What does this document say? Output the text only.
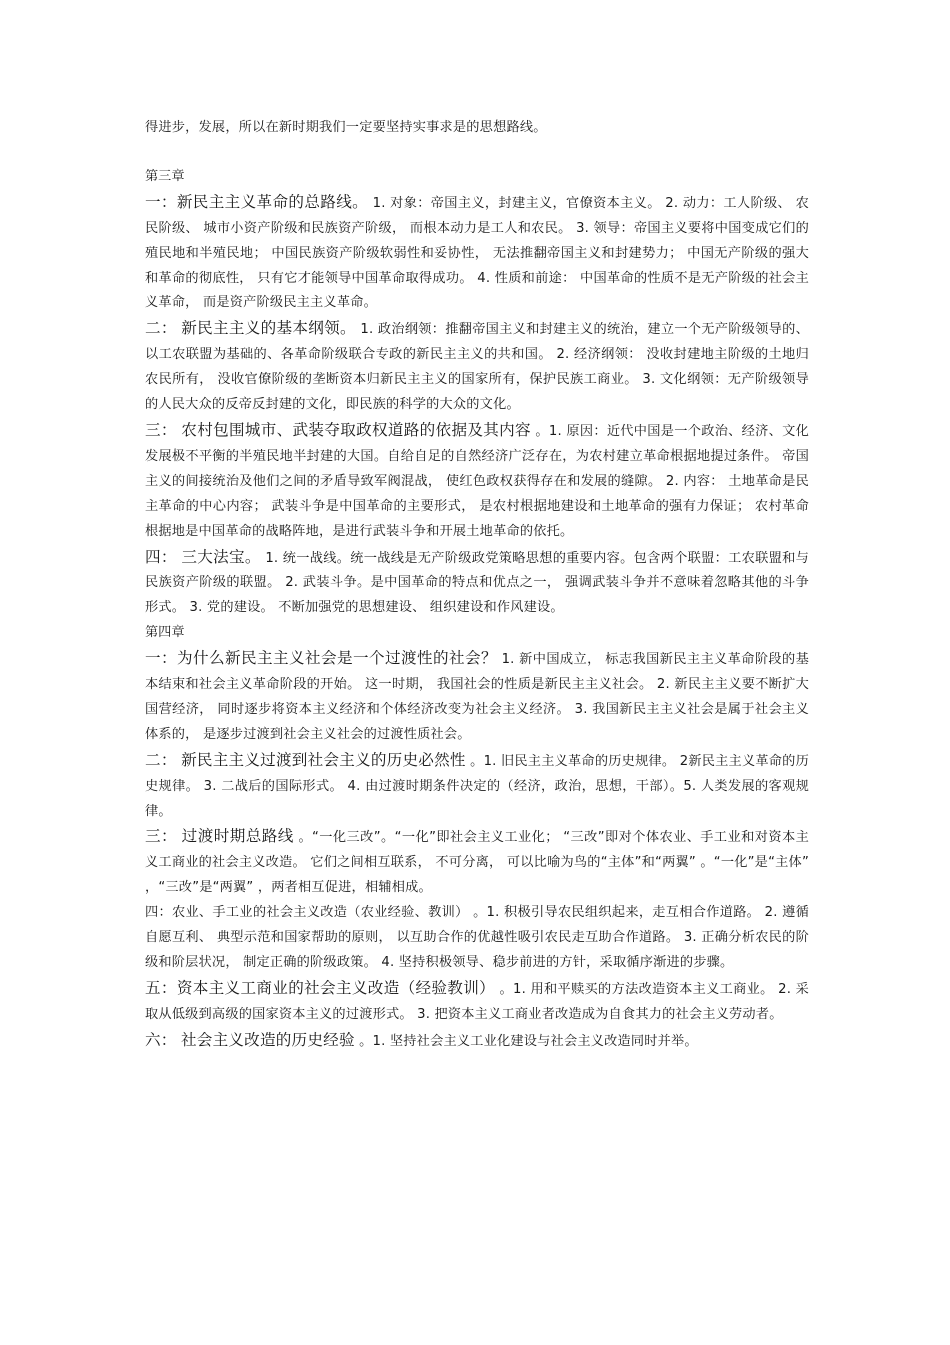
得进步，发展，所以在新时期我们一定要坚持实事求是的思想路线。

第三章

一：新民主主义革命的总路线。 1. 对象：帝国主义，封建主义，官僚资本主义。 2. 动力：工人阶级、 农民阶级、 城市小资产阶级和民族资产阶级， 而根本动力是工人和农民。 3. 领导：帝国主义要将中国变成它们的殖民地和半殖民地； 中国民族资产阶级软弱性和妥协性， 无法推翻帝国主义和封建势力； 中国无产阶级的强大和革命的彻底性， 只有它才能领导中国革命取得成功。 4. 性质和前途： 中国革命的性质不是无产阶级的社会主义革命， 而是资产阶级民主主义革命。

二： 新民主主义的基本纲领。 1. 政治纲领：推翻帝国主义和封建主义的统治，建立一个无产阶级领导的、以工农联盟为基础的、各革命阶级联合专政的新民主主义的共和国。 2. 经济纲领： 没收封建地主阶级的土地归农民所有， 没收官僚阶级的垄断资本归新民主主义的国家所有，保护民族工商业。 3. 文化纲领：无产阶级领导的人民大众的反帝反封建的文化，即民族的科学的大众的文化。

三： 农村包围城市、武装夺取政权道路的依据及其内容 。1. 原因：近代中国是一个政治、经济、文化发展极不平衡的半殖民地半封建的大国。自给自足的自然经济广泛存在，为农村建立革命根据地提过条件。 帝国主义的间接统治及他们之间的矛盾导致军阀混战， 使红色政权获得存在和发展的缝隙。 2. 内容： 土地革命是民主革命的中心内容； 武装斗争是中国革命的主要形式， 是农村根据地建设和土地革命的强有力保证； 农村革命根据地是中国革命的战略阵地，是进行武装斗争和开展土地革命的依托。

四： 三大法宝。 1. 统一战线。统一战线是无产阶级政党策略思想的重要内容。包含两个联盟：工农联盟和与民族资产阶级的联盟。 2. 武装斗争。是中国革命的特点和优点之一， 强调武装斗争并不意味着忽略其他的斗争形式。 3. 党的建设。 不断加强党的思想建设、 组织建设和作风建设。

第四章

一：为什么新民主主义社会是一个过渡性的社会？ 1. 新中国成立， 标志我国新民主主义革命阶段的基本结束和社会主义革命阶段的开始。 这一时期， 我国社会的性质是新民主主义社会。 2. 新民主主义要不断扩大国营经济， 同时逐步将资本主义经济和个体经济改变为社会主义经济。 3. 我国新民主主义社会是属于社会主义体系的， 是逐步过渡到社会主义社会的过渡性质社会。

二： 新民主主义过渡到社会主义的历史必然性 。1. 旧民主主义革命的历史规律。 2新民主主义革命的历史规律。 3. 二战后的国际形式。 4. 由过渡时期条件决定的（经济，政治，思想，干部）。5. 人类发展的客观规律。

三： 过渡时期总路线 。“一化三改”。“一化”即社会主义工业化； “三改”即对个体农业、手工业和对资本主义工商业的社会主义改造。 它们之间相互联系， 不可分离， 可以比喻为鸟的“主体”和“两翼” 。“一化”是“主体” ，“三改”是“两翼” ，两者相互促进，相辅相成。

四：农业、手工业的社会主义改造（农业经验、教训） 。1. 积极引导农民组织起来，走互相合作道路。 2. 遵循自愿互利、 典型示范和国家帮助的原则， 以互助合作的优越性吸引农民走互助合作道路。 3. 正确分析农民的阶级和阶层状况， 制定正确的阶级政策。 4. 坚持积极领导、稳步前进的方针，采取循序渐进的步骤。

五：资本主义工商业的社会主义改造（经验教训） 。1. 用和平赎买的方法改造资本主义工商业。 2. 采取从低级到高级的国家资本主义的过渡形式。 3. 把资本主义工商业者改造成为自食其力的社会主义劳动者。

六： 社会主义改造的历史经验 。1. 坚持社会主义工业化建设与社会主义改造同时并举。
